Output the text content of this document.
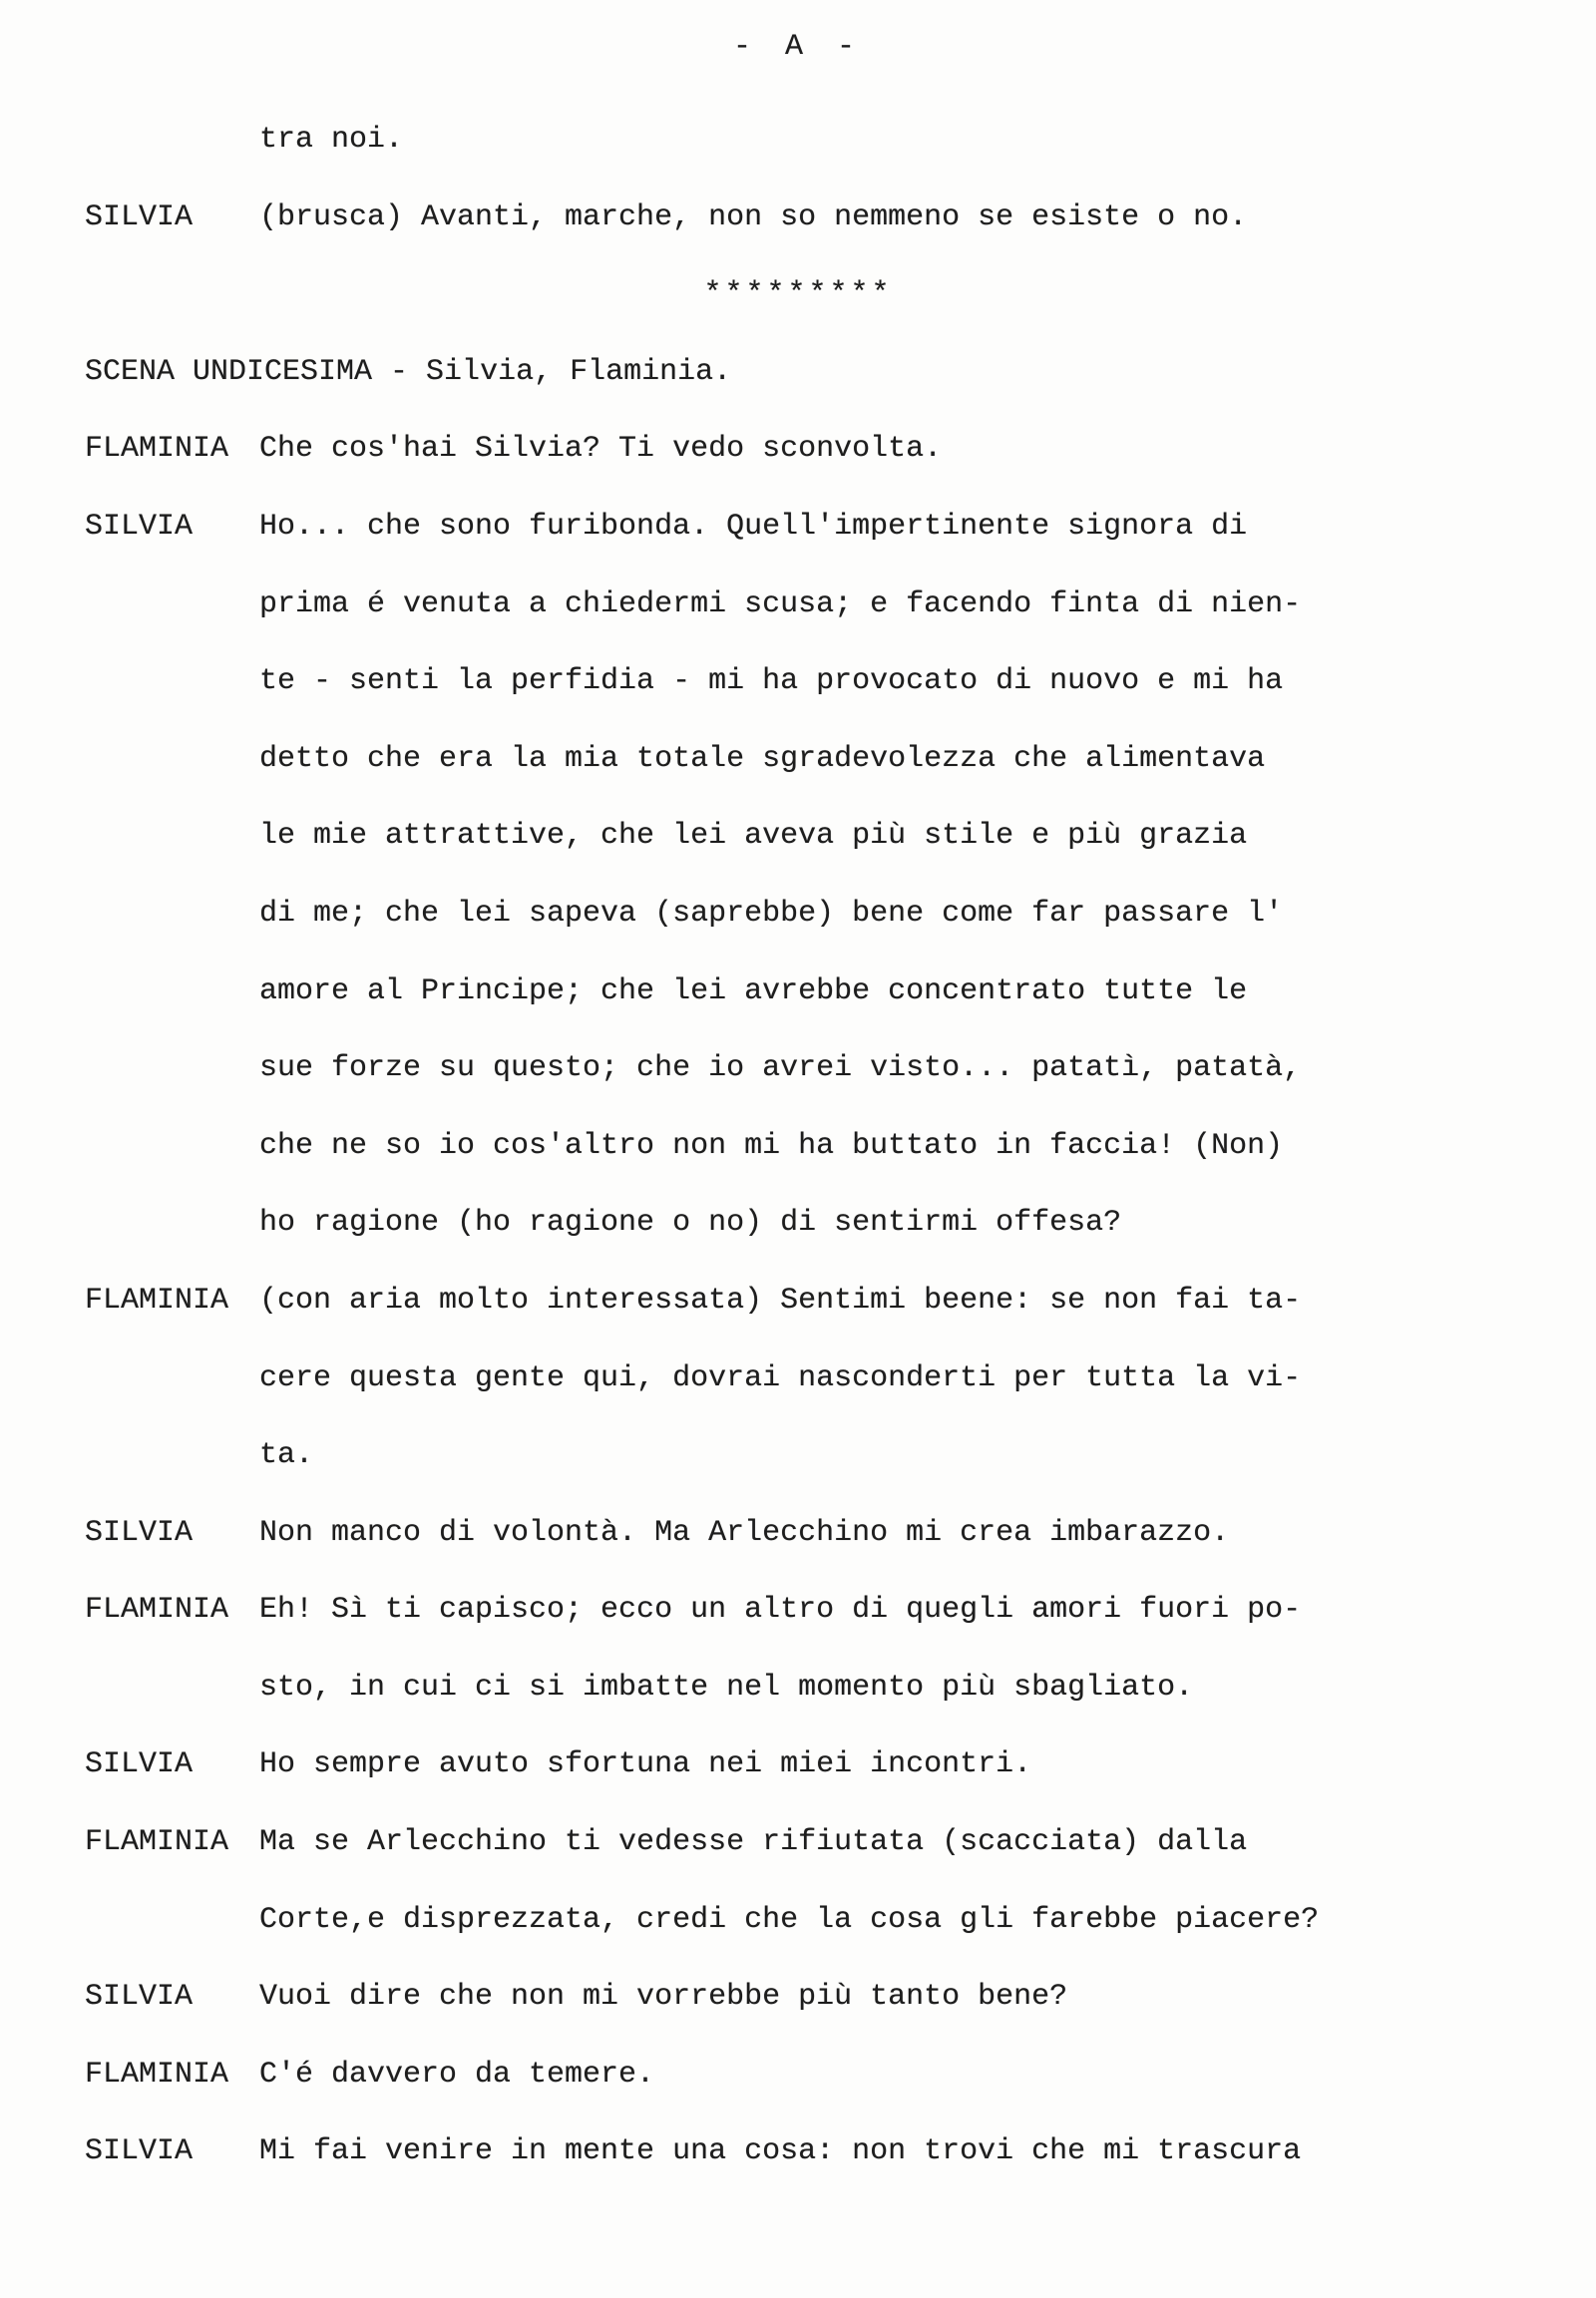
- A -
tra noi.
SILVIA (brusca) Avanti, marche, non so nemmeno se esiste o no.
*********
SCENA UNDICESIMA - Silvia, Flaminia.
FLAMINIA Che cos'hai Silvia? Ti vedo sconvolta.
SILVIA Ho... che sono furibonda. Quell'impertinente signora di
prima é venuta a chiedermi scusa; e facendo finta di nien-
te - senti la perfidia - mi ha provocato di nuovo e mi ha
detto che era la mia totale sgradevolezza che alimentava
le mie attrattive, che lei aveva più stile e più grazia
di me; che lei sapeva (saprebbe) bene come far passare l'
amore al Principe; che lei avrebbe concentrato tutte le
sue forze su questo; che io avrei visto... patatì, patatà,
che ne so io cos'altro non mi ha buttato in faccia! (Non)
ho ragione (ho ragione o no) di sentirmi offesa?
FLAMINIA (con aria molto interessata) Sentimi beene: se non fai ta-
cere questa gente qui, dovrai nasconderti per tutta la vi-
ta.
SILVIA Non manco di volontà. Ma Arlecchino mi crea imbarazzo.
FLAMINIA Eh! Sì ti capisco; ecco un altro di quegli amori fuori po-
sto, in cui ci si imbatte nel momento più sbagliato.
SILVIA Ho sempre avuto sfortuna nei miei incontri.
FLAMINIA Ma se Arlecchino ti vedesse rifiutata (scacciata) dalla
Corte,e disprezzata, credi che la cosa gli farebbe piacere?
SILVIA Vuoi dire che non mi vorrebbe più tanto bene?
FLAMINIA C'é davvero da temere.
SILVIA Mi fai venire in mente una cosa: non trovi che mi trascura
